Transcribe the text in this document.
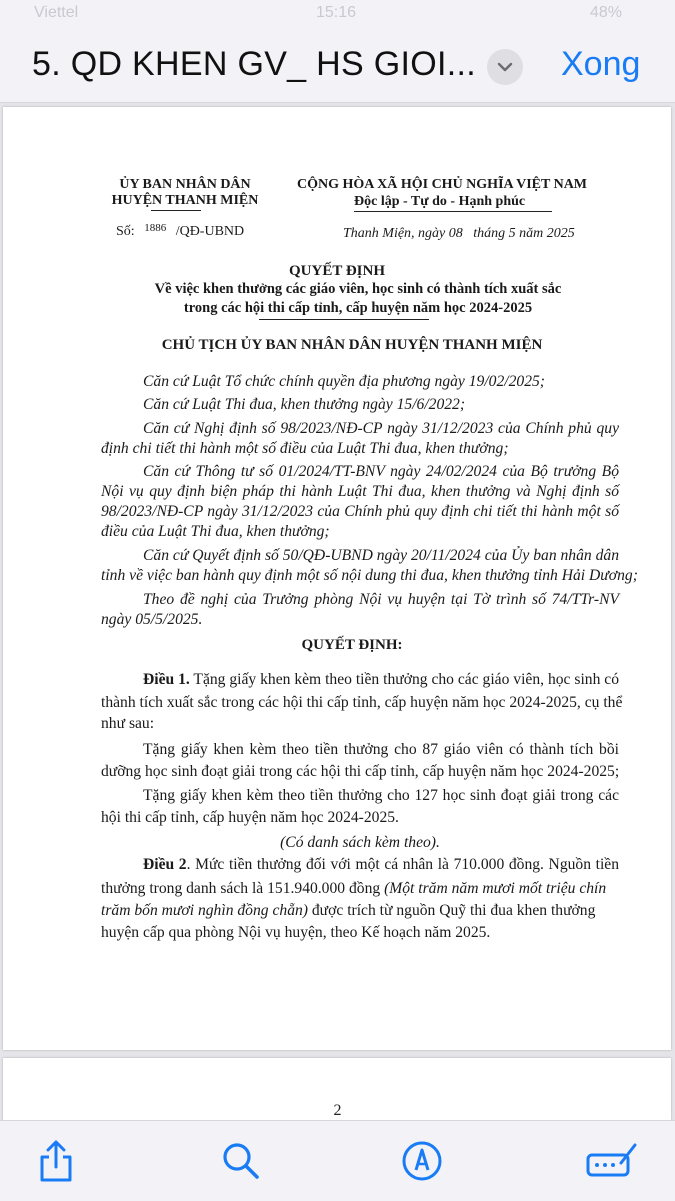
Viettel	15:16	48%
5. QD KHEN GV_ HS GIOI...	Xong
ỦY BAN NHÂN DÂN
HUYỆN THANH MIỆN
Số: $^{1886}$ /QĐ-UBND
CỘNG HÒA XÃ HỘI CHỦ NGHĨA VIỆT NAM
Độc lập - Tự do - Hạnh phúc
Thanh Miện, ngày 08   tháng 5 năm 2025
QUYẾT ĐỊNH
Về việc khen thưởng các giáo viên, học sinh có thành tích xuất sắc
trong các hội thi cấp tỉnh, cấp huyện năm học 2024-2025
CHỦ TỊCH ỦY BAN NHÂN DÂN HUYỆN THANH MIỆN
Căn cứ Luật Tổ chức chính quyền địa phương ngày 19/02/2025;
Căn cứ Luật Thi đua, khen thưởng ngày 15/6/2022;
Căn cứ Nghị định số 98/2023/NĐ-CP ngày 31/12/2023 của Chính phủ quy
định chi tiết thi hành một số điều của Luật Thi đua, khen thưởng;
Căn cứ Thông tư số 01/2024/TT-BNV ngày 24/02/2024 của Bộ trưởng Bộ
Nội vụ quy định biện pháp thi hành Luật Thi đua, khen thưởng và Nghị định số
98/2023/NĐ-CP ngày 31/12/2023 của Chính phủ quy định chi tiết thi hành một số
điều của Luật Thi đua, khen thưởng;
Căn cứ Quyết định số 50/QĐ-UBND ngày 20/11/2024 của Ủy ban nhân dân
tỉnh về việc ban hành quy định một số nội dung thi đua, khen thưởng tỉnh Hải Dương;
Theo đề nghị của Trưởng phòng Nội vụ huyện tại Tờ trình số 74/TTr-NV
ngày 05/5/2025.
QUYẾT ĐỊNH:
Điều 1. Tặng giấy khen kèm theo tiền thưởng cho các giáo viên, học sinh có
thành tích xuất sắc trong các hội thi cấp tỉnh, cấp huyện năm học 2024-2025, cụ thể
như sau:
Tặng giấy khen kèm theo tiền thưởng cho 87 giáo viên có thành tích bồi
dưỡng học sinh đoạt giải trong các hội thi cấp tỉnh, cấp huyện năm học 2024-2025;
Tặng giấy khen kèm theo tiền thưởng cho 127 học sinh đoạt giải trong các
hội thi cấp tỉnh, cấp huyện năm học 2024-2025.
(Có danh sách kèm theo).
Điều 2. Mức tiền thưởng đối với một cá nhân là 710.000 đồng. Nguồn tiền
thưởng trong danh sách là 151.940.000 đồng (Một trăm năm mươi mốt triệu chín
trăm bốn mươi nghìn đồng chẵn) được trích từ nguồn Quỹ thi đua khen thưởng
huyện cấp qua phòng Nội vụ huyện, theo Kế hoạch năm 2025.
2
